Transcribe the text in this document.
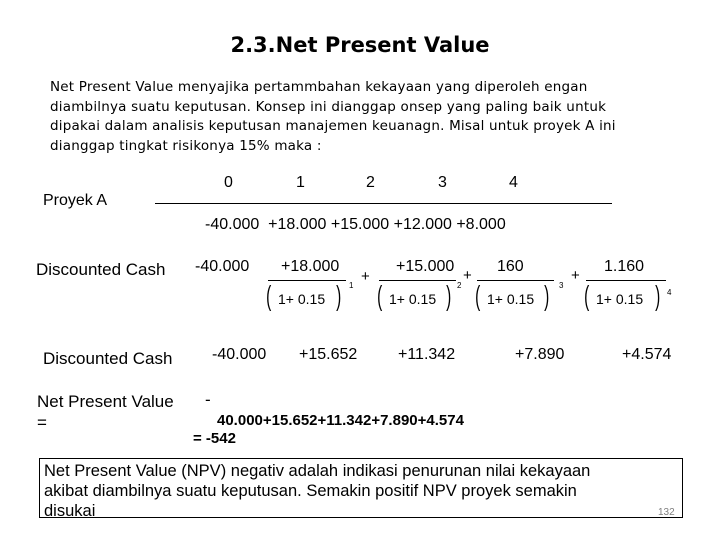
2.3.Net Present Value
Net Present Value menyajika pertammbahan kekayaan yang diperoleh engan
diambilnya suatu keputusan. Konsep ini dianggap onsep yang paling baik untuk
dipakai dalam analisis keputusan manajemen keuanagn. Misal untuk proyek A ini
dianggap tingkat risikonya 15% maka :
0	1	2	3	4
Proyek A
-40.000  +18.000 +15.000 +12.000 +8.000
Discounted Cash -40.000 +18.000
( 1+ 0.15 ) 1
+
+15.000
( 1+ 0.15 ) 2
+
160
( 1+ 0.15 ) 3
+
1.160
( 1+ 0.15 ) 4
Discounted Cash -40.000 +15.652	+11.342	+7.890	+4.574
Net Present Value
=
-
40.000+15.652+11.342+7.890+4.574
= -542

Net Present Value (NPV) negativ adalah indikasi penurunan nilai kekayaan

akibat diambilnya suatu keputusan. Semakin positif NPV proyek semakin

disukai	132
